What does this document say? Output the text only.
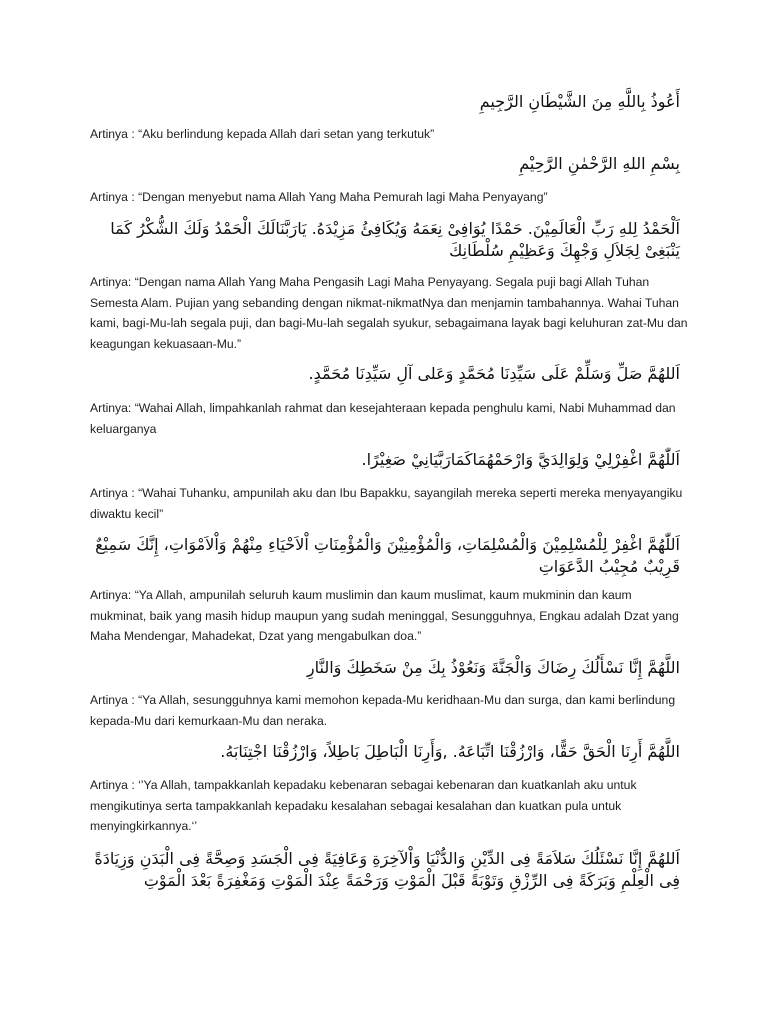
أَعُوذُ بِاللَّهِ مِنَ الشَّيْطَانِ الرَّجِيمِ

Artinya : “Aku berlindung kepada Allah dari setan yang terkutuk”

بِسْمِ اللهِ الرَّحْمٰنِ الرَّحِيْمِ

Artinya : “Dengan menyebut nama Allah Yang Maha Pemurah lagi Maha Penyayang”

اَلْحَمْدُ لِلهِ رَبِّ الْعَالَمِيْنَ. حَمْدًا يُوَافِىْ نِعَمَهُ وَيُكَافِئُ مَزِيْدَهُ. يَارَبَّنَالَكَ الْحَمْدُ وَلَكَ الشُّكْرُ كَمَا يَنْبَغِىْ لِجَلاَلِ وَجْهِكَ وَعَظِيْمِ سُلْطَانِكَ

Artinya: “Dengan nama Allah Yang Maha Pengasih Lagi Maha Penyayang. Segala puji bagi Allah Tuhan Semesta Alam. Pujian yang sebanding dengan nikmat-nikmatNya dan menjamin tambahannya. Wahai Tuhan kami, bagi-Mu-lah segala puji, dan bagi-Mu-lah segalah syukur, sebagaimana layak bagi keluhuran zat-Mu dan keagungan kekuasaan-Mu.”

اَللهُمَّ صَلِّ وَسَلِّمْ عَلَى سَيِّدِنَا مُحَمَّدٍ وَعَلى آلِ سَيِّدِنَا مُحَمَّدٍ.

Artinya: “Wahai Allah, limpahkanlah rahmat dan kesejahteraan kepada penghulu kami, Nabi Muhammad dan keluarganya

اَللّٰهُمَّ اغْفِرْلِيْ وَلِوَالِدَيَّ وَارْحَمْهُمَاكَمَارَبَّيَانِيْ صَغِيْرًا.

Artinya : “Wahai Tuhanku, ampunilah aku dan Ibu Bapakku, sayangilah mereka seperti mereka menyayangiku diwaktu kecil”

اَللّٰهُمَّ اغْفِرْ لِلْمُسْلِمِيْنَ وَالْمُسْلِمَاتِ، وَالْمُؤْمِنِيْنَ وَالْمُؤْمِنَاتِ اْلاَحْيَاءِ مِنْهُمْ وَاْلاَمْوَاتِ، إِنَّكَ سَمِيْعٌ قَرِيْبٌ مُجِيْبُ الدَّعَوَاتِ

Artinya: “Ya Allah, ampunilah seluruh kaum muslimin dan kaum muslimat, kaum mukminin dan kaum mukminat, baik yang masih hidup maupun yang sudah meninggal, Sesungguhnya, Engkau adalah Dzat yang Maha Mendengar, Mahadekat, Dzat yang mengabulkan doa.”

اللَّهُمَّ إِنَّا نَسْأَلُكَ رِضَاكَ وَالْجَنَّةَ وَنَعُوْذُ بِكَ مِنْ سَخَطِكَ وَالنَّارِ

Artinya : “Ya Allah, sesungguhnya kami memohon kepada-Mu keridhaan-Mu dan surga, dan kami berlindung kepada-Mu dari kemurkaan-Mu dan neraka.

اللَّهُمَّ أَرِنَا الْحَقَّ حَقًّا، وَارْزُقْنَا اتِّبَاعَهُ. ,وَأَرِنَا الْبَاطِلَ بَاطِلاً، وَارْزُقْنَا اجْتِنَابَهُ.

Artinya : ‘’Ya Allah, tampakkanlah kepadaku kebenaran sebagai kebenaran dan kuatkanlah aku untuk mengikutinya serta tampakkanlah kepadaku kesalahan sebagai kesalahan dan kuatkan pula untuk menyingkirkannya.‘’

اَللهُمَّ إِنَّا نَسْئَلُكَ سَلاَمَةً فِى الدِّيْنِ وَالدُّنْيَا وَاْلآخِرَةِ وَعَافِيَةً فِى الْجَسَدِ وَصِحَّةً فِى الْبَدَنِ وَزِيَادَةً فِى الْعِلْمِ وَبَرَكَةً فِى الرِّزْقِ وَتَوْبَةً قَبْلَ الْمَوْتِ وَرَحْمَةً عِنْدَ الْمَوْتِ وَمَغْفِرَةً بَعْدَ الْمَوْتِ
